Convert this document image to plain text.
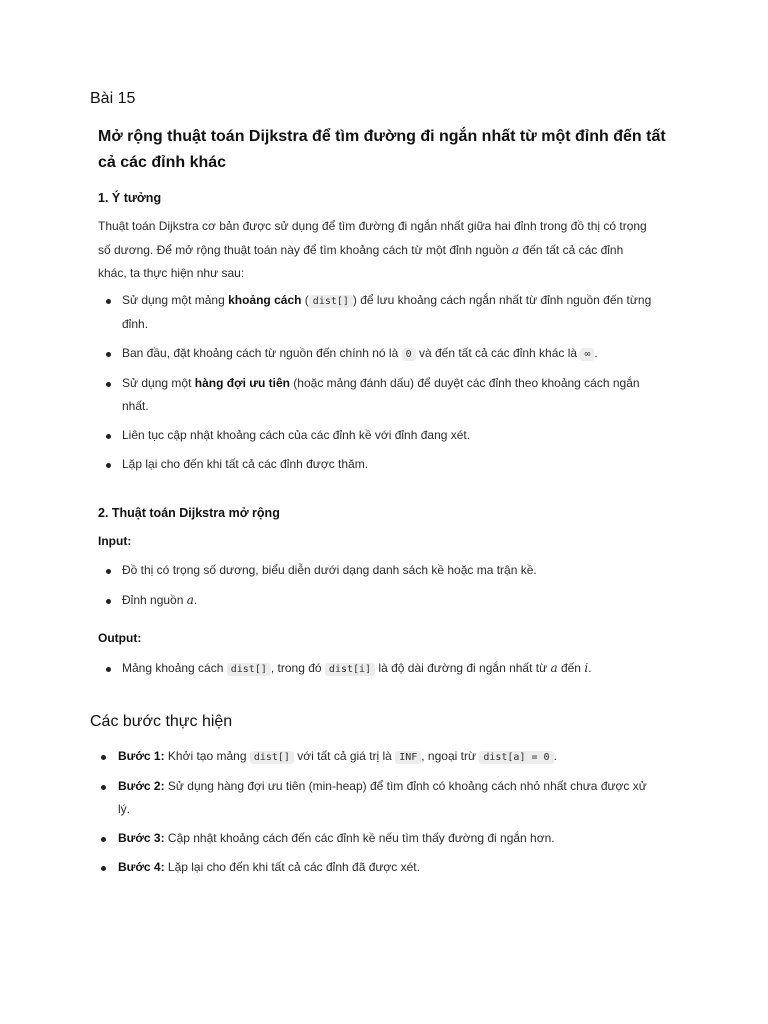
Bài 15
Mở rộng thuật toán Dijkstra để tìm đường đi ngắn nhất từ một đỉnh đến tất
cả các đỉnh khác
1. Ý tưởng
Thuật toán Dijkstra cơ bản được sử dụng để tìm đường đi ngắn nhất giữa hai đỉnh trong đồ thị có trọng
số dương. Để mở rộng thuật toán này để tìm khoảng cách từ một đỉnh nguồn a đến tất cả các đỉnh
khác, ta thực hiện như sau:
Sử dụng một mảng khoảng cách ( dist[] ) để lưu khoảng cách ngắn nhất từ đỉnh nguồn đến từng
đỉnh.
Ban đầu, đặt khoảng cách từ nguồn đến chính nó là 0 và đến tất cả các đỉnh khác là ∞ .
Sử dụng một hàng đợi ưu tiên (hoặc mảng đánh dấu) để duyệt các đỉnh theo khoảng cách ngắn
nhất.
Liên tục cập nhật khoảng cách của các đỉnh kề với đỉnh đang xét.
Lặp lại cho đến khi tất cả các đỉnh được thăm.
2. Thuật toán Dijkstra mở rộng
Input:
Đồ thị có trọng số dương, biểu diễn dưới dạng danh sách kề hoặc ma trận kề.
Đỉnh nguồn a.
Output:
Mảng khoảng cách dist[] , trong đó dist[i] là độ dài đường đi ngắn nhất từ a đến i.
Các bước thực hiện
Bước 1: Khởi tạo mảng dist[] với tất cả giá trị là INF , ngoại trừ dist[a] = 0 .
Bước 2: Sử dụng hàng đợi ưu tiên (min-heap) để tìm đỉnh có khoảng cách nhỏ nhất chưa được xử
lý.
Bước 3: Cập nhật khoảng cách đến các đỉnh kề nếu tìm thấy đường đi ngắn hơn.
Bước 4: Lặp lại cho đến khi tất cả các đỉnh đã được xét.
